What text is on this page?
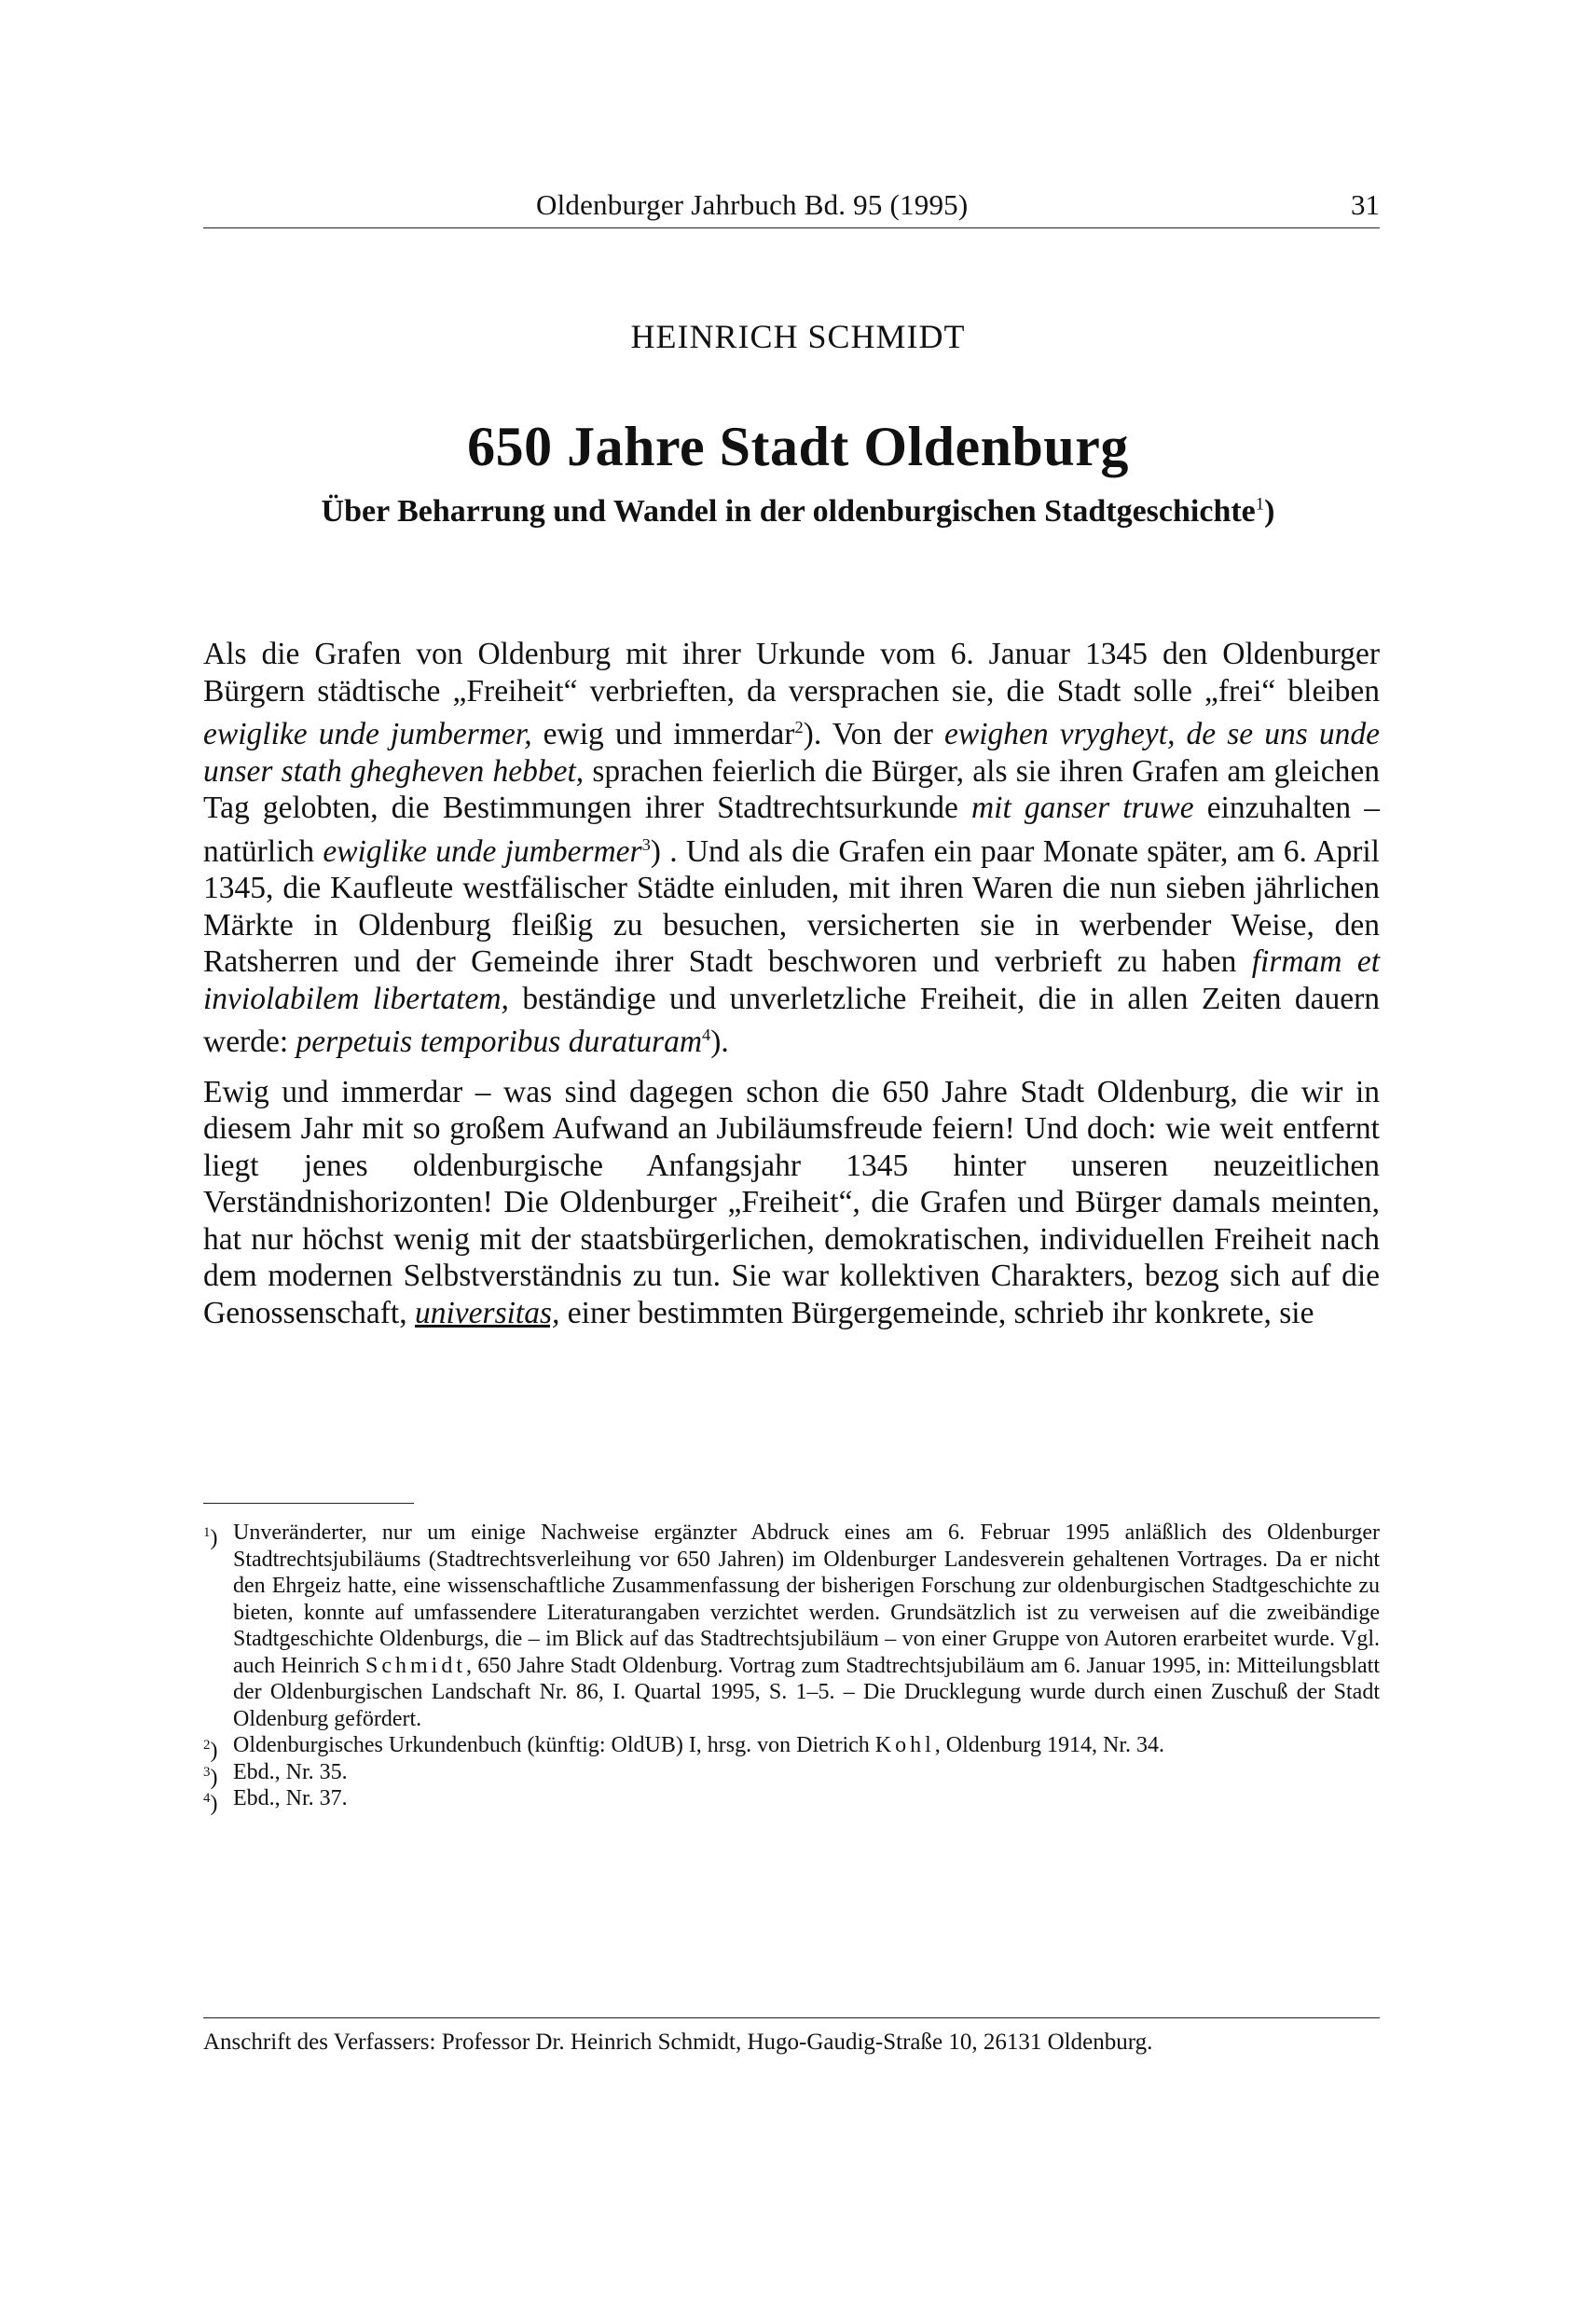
Oldenburger Jahrbuch Bd. 95 (1995)	31
HEINRICH SCHMIDT
650 Jahre Stadt Oldenburg
Über Beharrung und Wandel in der oldenburgischen Stadtgeschichte$^1$)

Als die Grafen von Oldenburg mit ihrer Urkunde vom 6. Januar 1345 den Oldenburger Bürgern städtische „Freiheit“ verbrieften, da versprachen sie, die Stadt solle „frei“ bleiben ewiglike unde jumbermer, ewig und immerdar$^2$). Von der ewighen vrygheyt, de se uns unde unser stath ghegheven hebbet, sprachen feierlich die Bürger, als sie ihren Grafen am gleichen Tag gelobten, die Bestimmungen ihrer Stadtrechtsurkunde mit ganser truwe einzuhalten – natürlich ewiglike unde jumbermer$^3$) . Und als die Grafen ein paar Monate später, am 6. April 1345, die Kaufleute westfälischer Städte einluden, mit ihren Waren die nun sieben jährlichen Märkte in Oldenburg fleißig zu besuchen, versicherten sie in werbender Weise, den Ratsherren und der Gemeinde ihrer Stadt beschworen und verbrieft zu haben firmam et inviolabilem libertatem, beständige und unverletzliche Freiheit, die in allen Zeiten dauern werde: perpetuis temporibus duraturam$^4$).

Ewig und immerdar – was sind dagegen schon die 650 Jahre Stadt Oldenburg, die wir in diesem Jahr mit so großem Aufwand an Jubiläumsfreude feiern! Und doch: wie weit entfernt liegt jenes oldenburgische Anfangsjahr 1345 hinter unseren neuzeitlichen Verständnishorizonten! Die Oldenburger „Freiheit“, die Grafen und Bürger damals meinten, hat nur höchst wenig mit der staatsbürgerlichen, demokratischen, individuellen Freiheit nach dem modernen Selbstverständnis zu tun. Sie war kollektiven Charakters, bezog sich auf die Genossenschaft, universitas, einer bestimmten Bürgergemeinde, schrieb ihr konkrete, sie

$^1$) Unveränderter, nur um einige Nachweise ergänzter Abdruck eines am 6. Februar 1995 anläßlich des Oldenburger Stadtrechtsjubiläums (Stadtrechtsverleihung vor 650 Jahren) im Oldenburger Landesverein gehaltenen Vortrages. Da er nicht den Ehrgeiz hatte, eine wissenschaftliche Zusammenfassung der bisherigen Forschung zur oldenburgischen Stadtgeschichte zu bieten, konnte auf umfassendere Literaturangaben verzichtet werden. Grundsätzlich ist zu verweisen auf die zweibändige Stadtgeschichte Oldenburgs, die – im Blick auf das Stadtrechtsjubiläum – von einer Gruppe von Autoren erarbeitet wurde. Vgl. auch Heinrich Schmidt, 650 Jahre Stadt Oldenburg. Vortrag zum Stadtrechtsjubiläum am 6. Januar 1995, in: Mitteilungsblatt der Oldenburgischen Landschaft Nr. 86, I. Quartal 1995, S. 1–5. – Die Drucklegung wurde durch einen Zuschuß der Stadt Oldenburg gefördert.
$^2$) Oldenburgisches Urkundenbuch (künftig: OldUB) I, hrsg. von Dietrich Kohl, Oldenburg 1914, Nr. 34.
$^3$) Ebd., Nr. 35.
$^4$) Ebd., Nr. 37.
Anschrift des Verfassers: Professor Dr. Heinrich Schmidt, Hugo-Gaudig-Straße 10, 26131 Oldenburg.
